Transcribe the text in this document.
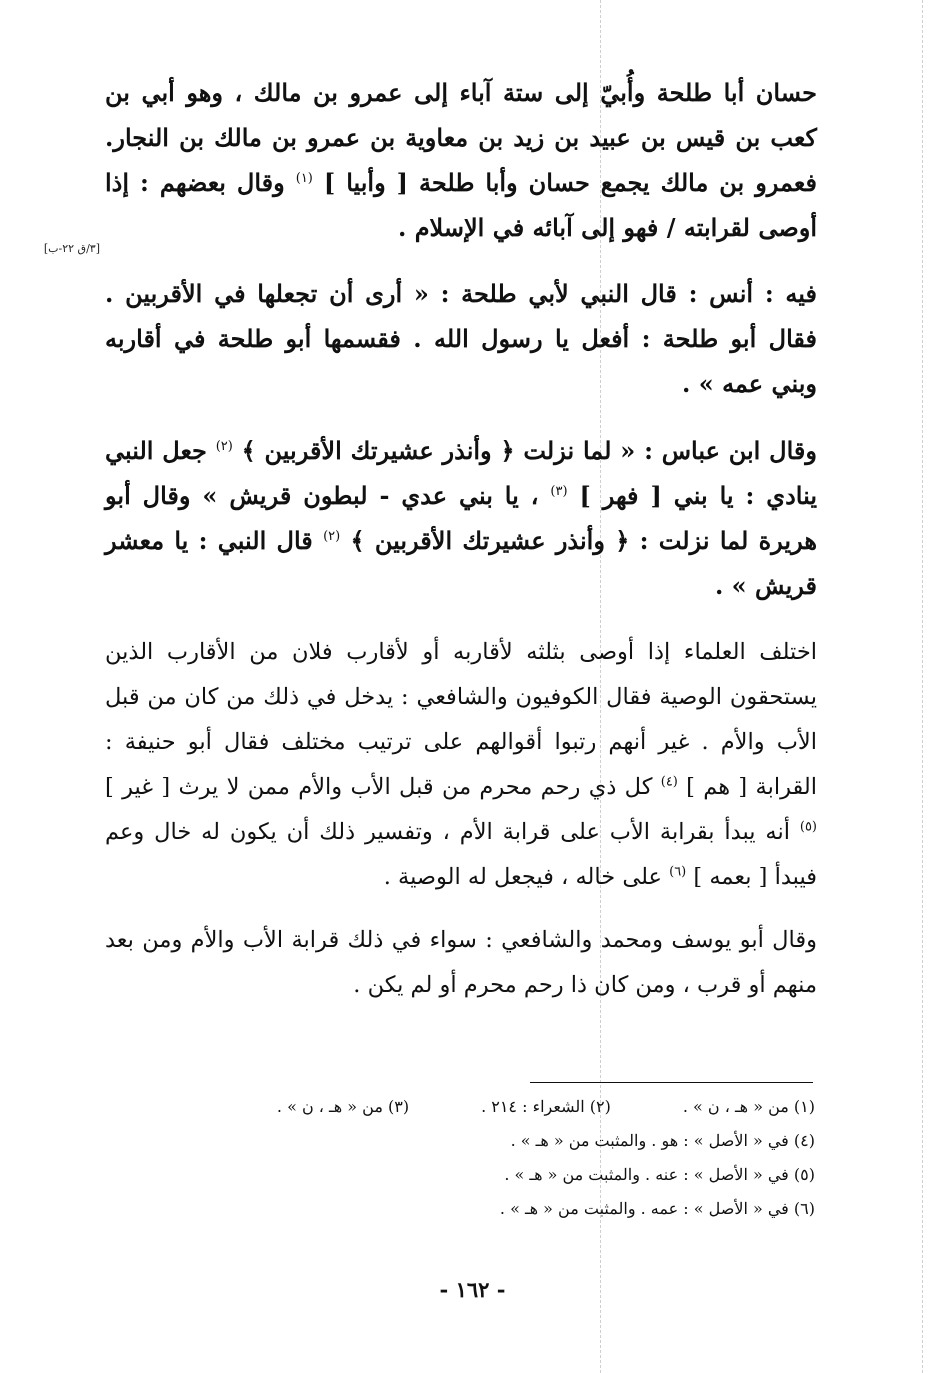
[٣/ق ٢٢-ب]

حسان أبا طلحة وأُبيّ إلى ستة آباء إلى عمرو بن مالك ، وهو أبي بن كعب بن قيس بن عبيد بن زيد بن معاوية بن عمرو بن مالك بن النجار. فعمرو بن مالك يجمع حسان وأبا طلحة [ وأبيا ] $^{(١)}$ وقال بعضهم : إذا أوصى لقرابته / فهو إلى آبائه في الإسلام .

فيه : أنس : قال النبي لأبي طلحة : « أرى أن تجعلها في الأقربين . فقال أبو طلحة : أفعل يا رسول الله . فقسمها أبو طلحة في أقاربه وبني عمه » .

وقال ابن عباس : « لما نزلت ﴿ وأنذر عشيرتك الأقربين ﴾ $^{(٢)}$ جعل النبي ينادي : يا بني [ فهر ] $^{(٣)}$ ، يا بني عدي - لبطون قريش » وقال أبو هريرة لما نزلت : ﴿ وأنذر عشيرتك الأقربين ﴾ $^{(٢)}$ قال النبي : يا معشر قريش » .

اختلف العلماء إذا أوصى بثلثه لأقاربه أو لأقارب فلان من الأقارب الذين يستحقون الوصية فقال الكوفيون والشافعي : يدخل في ذلك من كان من قبل الأب والأم . غير أنهم رتبوا أقوالهم على ترتيب مختلف فقال أبو حنيفة : القرابة [ هم ] $^{(٤)}$ كل ذي رحم محرم من قبل الأب والأم ممن لا يرث [ غير ] $^{(٥)}$ أنه يبدأ بقرابة الأب على قرابة الأم ، وتفسير ذلك أن يكون له خال وعم فيبدأ [ بعمه ] $^{(٦)}$ على خاله ، فيجعل له الوصية .

وقال أبو يوسف ومحمد والشافعي : سواء في ذلك قرابة الأب والأم ومن بعد منهم أو قرب ، ومن كان ذا رحم محرم أو لم يكن .

(١) من « هـ ، ن » .
(٢) الشعراء : ٢١٤ .
(٣) من « هـ ، ن » .
(٤) في « الأصل » : هو . والمثبت من « هـ » .
(٥) في « الأصل » : عنه . والمثبت من « هـ » .
(٦) في « الأصل » : عمه . والمثبت من « هـ » .
- ١٦٢ -
